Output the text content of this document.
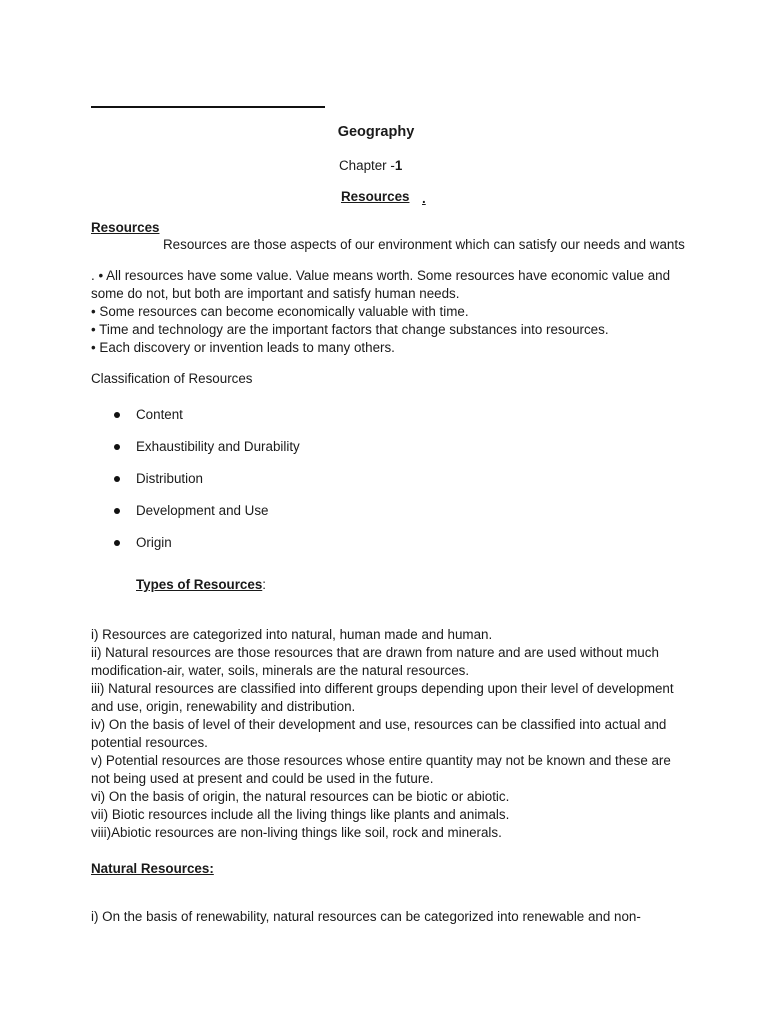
Geography
Chapter -1
Resources .
Resources
Resources are those aspects of our environment which can satisfy our needs and wants
. • All resources have some value. Value means worth. Some resources have economic value and
some do not, but both are important and satisfy human needs.
• Some resources can become economically valuable with time.
• Time and technology are the important factors that change substances into resources.
• Each discovery or invention leads to many others.
Classification of Resources
Content
Exhaustibility and Durability
Distribution
Development and Use
Origin
Types of Resources:
i) Resources are categorized into natural, human made and human.
ii) Natural resources are those resources that are drawn from nature and are used without much
modification-air, water, soils, minerals are the natural resources.
iii) Natural resources are classified into different groups depending upon their level of development
and use, origin, renewability and distribution.
iv) On the basis of level of their development and use, resources can be classified into actual and
potential resources.
v) Potential resources are those resources whose entire quantity may not be known and these are
not being used at present and could be used in the future.
vi) On the basis of origin, the natural resources can be biotic or abiotic.
vii) Biotic resources include all the living things like plants and animals.
viii)Abiotic resources are non-living things like soil, rock and minerals.
Natural Resources:
i) On the basis of renewability, natural resources can be categorized into renewable and non-
